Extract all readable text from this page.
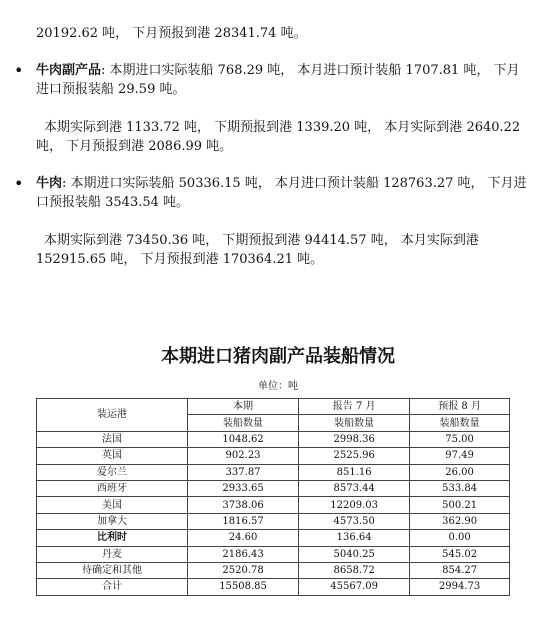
20192.62 吨， 下月预报到港 28341.74 吨。
• 牛肉副产品: 本期进口实际装船 768.29 吨， 本月进口预计装船 1707.81 吨， 下月
进口预报装船 29.59 吨。
本期实际到港 1133.72 吨， 下期预报到港 1339.20 吨， 本月实际到港 2640.22
吨， 下月预报到港 2086.99 吨。
• 牛肉: 本期进口实际装船 50336.15 吨， 本月进口预计装船 128763.27 吨， 下月进
口预报装船 3543.54 吨。
本期实际到港 73450.36 吨， 下期预报到港 94414.57 吨， 本月实际到港
152915.65 吨， 下月预报到港 170364.21 吨。
本期进口猪肉副产品装船情况
单位：吨
装运港	本期	报告 7 月	预报 8 月
	装船数量	装船数量	装船数量
法国	1048.62	2998.36	75.00
英国	902.23	2525.96	97.49
爱尔兰	337.87	851.16	26.00
西班牙	2933.65	8573.44	533.84
美国	3738.06	12209.03	500.21
加拿大	1816.57	4573.50	362.90
比利时	24.60	136.64	0.00
丹麦	2186.43	5040.25	545.02
待确定和其他	2520.78	8658.72	854.27
合计	15508.85	45567.09	2994.73
